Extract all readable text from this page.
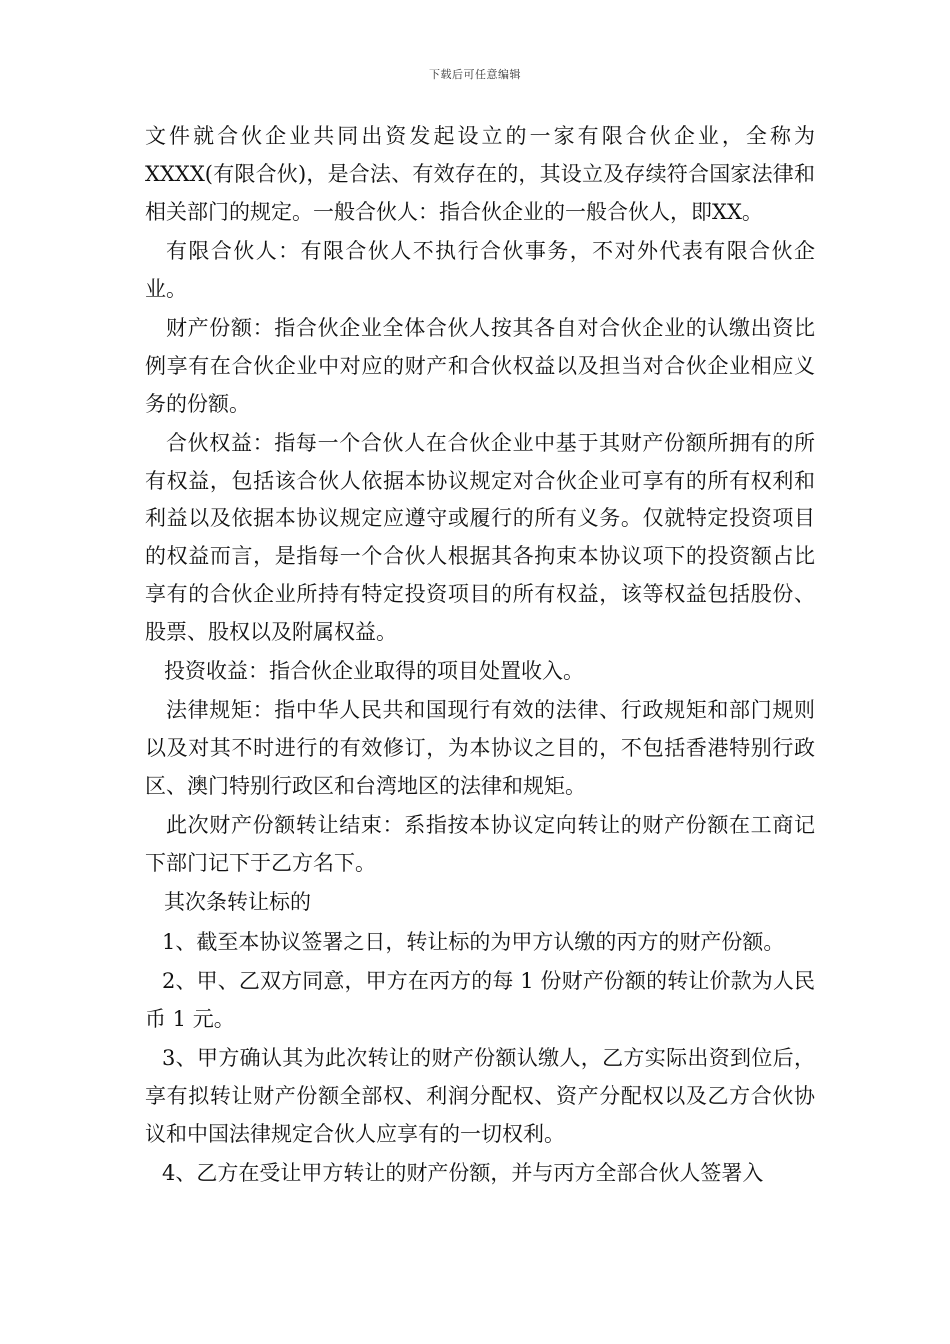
下载后可任意编辑

文件就合伙企业共同出资发起设立的一家有限合伙企业，全称为XXXX(有限合伙)，是合法、有效存在的，其设立及存续符合国家法律和相关部门的规定。一般合伙人：指合伙企业的一般合伙人，即XX。

有限合伙人：有限合伙人不执行合伙事务，不对外代表有限合伙企业。

财产份额：指合伙企业全体合伙人按其各自对合伙企业的认缴出资比例享有在合伙企业中对应的财产和合伙权益以及担当对合伙企业相应义务的份额。

合伙权益：指每一个合伙人在合伙企业中基于其财产份额所拥有的所有权益，包括该合伙人依据本协议规定对合伙企业可享有的所有权利和利益以及依据本协议规定应遵守或履行的所有义务。仅就特定投资项目的权益而言，是指每一个合伙人根据其各拘束本协议项下的投资额占比享有的合伙企业所持有特定投资项目的所有权益，该等权益包括股份、股票、股权以及附属权益。

投资收益：指合伙企业取得的项目处置收入。

法律规矩：指中华人民共和国现行有效的法律、行政规矩和部门规则以及对其不时进行的有效修订，为本协议之目的，不包括香港特别行政区、澳门特别行政区和台湾地区的法律和规矩。

此次财产份额转让结束：系指按本协议定向转让的财产份额在工商记下部门记下于乙方名下。

其次条转让标的

1、截至本协议签署之日，转让标的为甲方认缴的丙方的财产份额。

2、甲、乙双方同意，甲方在丙方的每 1 份财产份额的转让价款为人民币 1 元。

3、甲方确认其为此次转让的财产份额认缴人，乙方实际出资到位后，享有拟转让财产份额全部权、利润分配权、资产分配权以及乙方合伙协议和中国法律规定合伙人应享有的一切权利。

4、乙方在受让甲方转让的财产份额，并与丙方全部合伙人签署入
